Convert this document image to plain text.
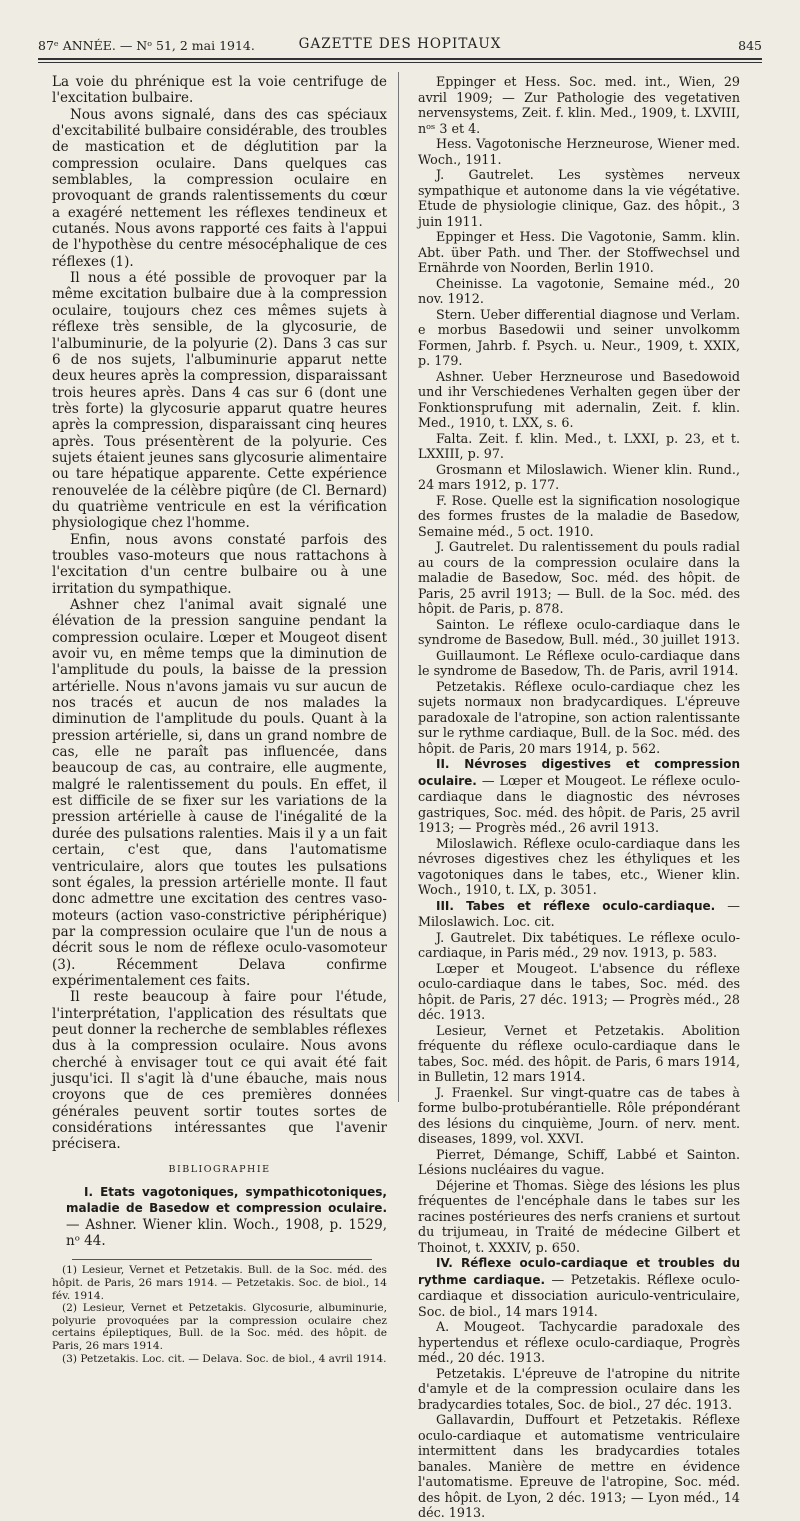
87ᵉ ANNÉE. — Nᵒ 51, 2 mai 1914.	GAZETTE DES HOPITAUX	845

La voie du phrénique est la voie centrifuge de l'excitation bulbaire.

Nous avons signalé, dans des cas spéciaux d'excitabilité bulbaire considérable, des troubles de mastication et de déglutition par la compression oculaire. Dans quelques cas semblables, la compression oculaire en provoquant de grands ralentissements du cœur a exagéré nettement les réflexes tendineux et cutanés. Nous avons rapporté ces faits à l'appui de l'hypothèse du centre mésocéphalique de ces réflexes (1).

Il nous a été possible de provoquer par la même excitation bulbaire due à la compression oculaire, toujours chez ces mêmes sujets à réflexe très sensible, de la glycosurie, de l'albuminurie, de la polyurie (2). Dans 3 cas sur 6 de nos sujets, l'albuminurie apparut nette deux heures après la compression, disparaissant trois heures après. Dans 4 cas sur 6 (dont une très forte) la glycosurie apparut quatre heures après la compression, disparaissant cinq heures après. Tous présentèrent de la polyurie. Ces sujets étaient jeunes sans glycosurie alimentaire ou tare hépatique apparente. Cette expérience renouvelée de la célèbre piqûre (de Cl. Bernard) du quatrième ventricule en est la vérification physiologique chez l'homme.

Enfin, nous avons constaté parfois des troubles vaso-moteurs que nous rattachons à l'excitation d'un centre bulbaire ou à une irritation du sympathique.

Ashner chez l'animal avait signalé une élévation de la pression sanguine pendant la compression oculaire. Lœper et Mougeot disent avoir vu, en même temps que la diminution de l'amplitude du pouls, la baisse de la pression artérielle. Nous n'avons jamais vu sur aucun de nos tracés et aucun de nos malades la diminution de l'amplitude du pouls. Quant à la pression artérielle, si, dans un grand nombre de cas, elle ne paraît pas influencée, dans beaucoup de cas, au contraire, elle augmente, malgré le ralentissement du pouls. En effet, il est difficile de se fixer sur les variations de la pression artérielle à cause de l'inégalité de la durée des pulsations ralenties. Mais il y a un fait certain, c'est que, dans l'automatisme ventriculaire, alors que toutes les pulsations sont égales, la pression artérielle monte. Il faut donc admettre une excitation des centres vaso-moteurs (action vaso-constrictive périphérique) par la compression oculaire que l'un de nous a décrit sous le nom de réflexe oculo-vasomoteur (3). Récemment Delava confirme expérimentalement ces faits.

Il reste beaucoup à faire pour l'étude, l'interprétation, l'application des résultats que peut donner la recherche de semblables réflexes dus à la compression oculaire. Nous avons cherché à envisager tout ce qui avait été fait jusqu'ici. Il s'agit là d'une ébauche, mais nous croyons que de ces premières données générales peuvent sortir toutes sortes de considérations intéressantes que l'avenir précisera.

BIBLIOGRAPHIE

I. Etats vagotoniques, sympathicotoniques, maladie de Basedow et compression oculaire. — Ashner. Wiener klin. Woch., 1908, p. 1529, nᵒ 44.

(1) Lesieur, Vernet et Petzetakis. Bull. de la Soc. méd. des hôpit. de Paris, 26 mars 1914. — Petzetakis. Soc. de biol., 14 fév. 1914.

(2) Lesieur, Vernet et Petzetakis. Glycosurie, albuminurie, polyurie provoquées par la compression oculaire chez certains épileptiques, Bull. de la Soc. méd. des hôpit. de Paris, 26 mars 1914.

(3) Petzetakis. Loc. cit. — Delava. Soc. de biol., 4 avril 1914.

Eppinger et Hess. Soc. med. int., Wien, 29 avril 1909; — Zur Pathologie des vegetativen nervensystems, Zeit. f. klin. Med., 1909, t. LXVIII, nᵒˢ 3 et 4.

Hess. Vagotonische Herzneurose, Wiener med. Woch., 1911.

J. Gautrelet. Les systèmes nerveux sympathique et autonome dans la vie végétative. Etude de physiologie clinique, Gaz. des hôpit., 3 juin 1911.

Eppinger et Hess. Die Vagotonie, Samm. klin. Abt. über Path. und Ther. der Stoffwechsel und Ernährde von Noorden, Berlin 1910.

Cheinisse. La vagotonie, Semaine méd., 20 nov. 1912.

Stern. Ueber differential diagnose und Verlam. e morbus Basedowii und seiner unvolkomm Formen, Jahrb. f. Psych. u. Neur., 1909, t. XXIX, p. 179.

Ashner. Ueber Herzneurose und Basedowoid und ihr Verschiedenes Verhalten gegen über der Fonktionsprufung mit adernalin, Zeit. f. klin. Med., 1910, t. LXX, s. 6.

Falta. Zeit. f. klin. Med., t. LXXI, p. 23, et t. LXXIII, p. 97.

Grosmann et Miloslawich. Wiener klin. Rund., 24 mars 1912, p. 177.

F. Rose. Quelle est la signification nosologique des formes frustes de la maladie de Basedow, Semaine méd., 5 oct. 1910.

J. Gautrelet. Du ralentissement du pouls radial au cours de la compression oculaire dans la maladie de Basedow, Soc. méd. des hôpit. de Paris, 25 avril 1913; — Bull. de la Soc. méd. des hôpit. de Paris, p. 878.

Sainton. Le réflexe oculo-cardiaque dans le syndrome de Basedow, Bull. méd., 30 juillet 1913.

Guillaumont. Le Réflexe oculo-cardiaque dans le syndrome de Basedow, Th. de Paris, avril 1914.

Petzetakis. Réflexe oculo-cardiaque chez les sujets normaux non bradycardiques. L'épreuve paradoxale de l'atropine, son action ralentissante sur le rythme cardiaque, Bull. de la Soc. méd. des hôpit. de Paris, 20 mars 1914, p. 562.

II. Névroses digestives et compression oculaire. — Lœper et Mougeot. Le réflexe oculo-cardiaque dans le diagnostic des névroses gastriques, Soc. méd. des hôpit. de Paris, 25 avril 1913; — Progrès méd., 26 avril 1913.

Miloslawich. Réflexe oculo-cardiaque dans les névroses digestives chez les éthyliques et les vagotoniques dans le tabes, etc., Wiener klin. Woch., 1910, t. LX, p. 3051.

III. Tabes et réflexe oculo-cardiaque. — Miloslawich. Loc. cit.

J. Gautrelet. Dix tabétiques. Le réflexe oculo-cardiaque, in Paris méd., 29 nov. 1913, p. 583.

Lœper et Mougeot. L'absence du réflexe oculo-cardiaque dans le tabes, Soc. méd. des hôpit. de Paris, 27 déc. 1913; — Progrès méd., 28 déc. 1913.

Lesieur, Vernet et Petzetakis. Abolition fréquente du réflexe oculo-cardiaque dans le tabes, Soc. méd. des hôpit. de Paris, 6 mars 1914, in Bulletin, 12 mars 1914.

J. Fraenkel. Sur vingt-quatre cas de tabes à forme bulbo-protubérantielle. Rôle prépondérant des lésions du cinquième, Journ. of nerv. ment. diseases, 1899, vol. XXVI.

Pierret, Démange, Schiff, Labbé et Sainton. Lésions nucléaires du vague.

Déjerine et Thomas. Siège des lésions les plus fréquentes de l'encéphale dans le tabes sur les racines postérieures des nerfs craniens et surtout du trijumeau, in Traité de médecine Gilbert et Thoinot, t. XXXIV, p. 650.

IV. Réflexe oculo-cardiaque et troubles du rythme cardiaque. — Petzetakis. Réflexe oculo-cardiaque et dissociation auriculo-ventriculaire, Soc. de biol., 14 mars 1914.

A. Mougeot. Tachycardie paradoxale des hypertendus et réflexe oculo-cardiaque, Progrès méd., 20 déc. 1913.

Petzetakis. L'épreuve de l'atropine du nitrite d'amyle et de la compression oculaire dans les bradycardies totales, Soc. de biol., 27 déc. 1913.

Gallavardin, Duffourt et Petzetakis. Réflexe oculo-cardiaque et automatisme ventriculaire intermittent dans les bradycardies totales banales. Manière de mettre en évidence l'automatisme. Epreuve de l'atropine, Soc. méd. des hôpit. de Lyon, 2 déc. 1913; — Lyon méd., 14 déc. 1913.
